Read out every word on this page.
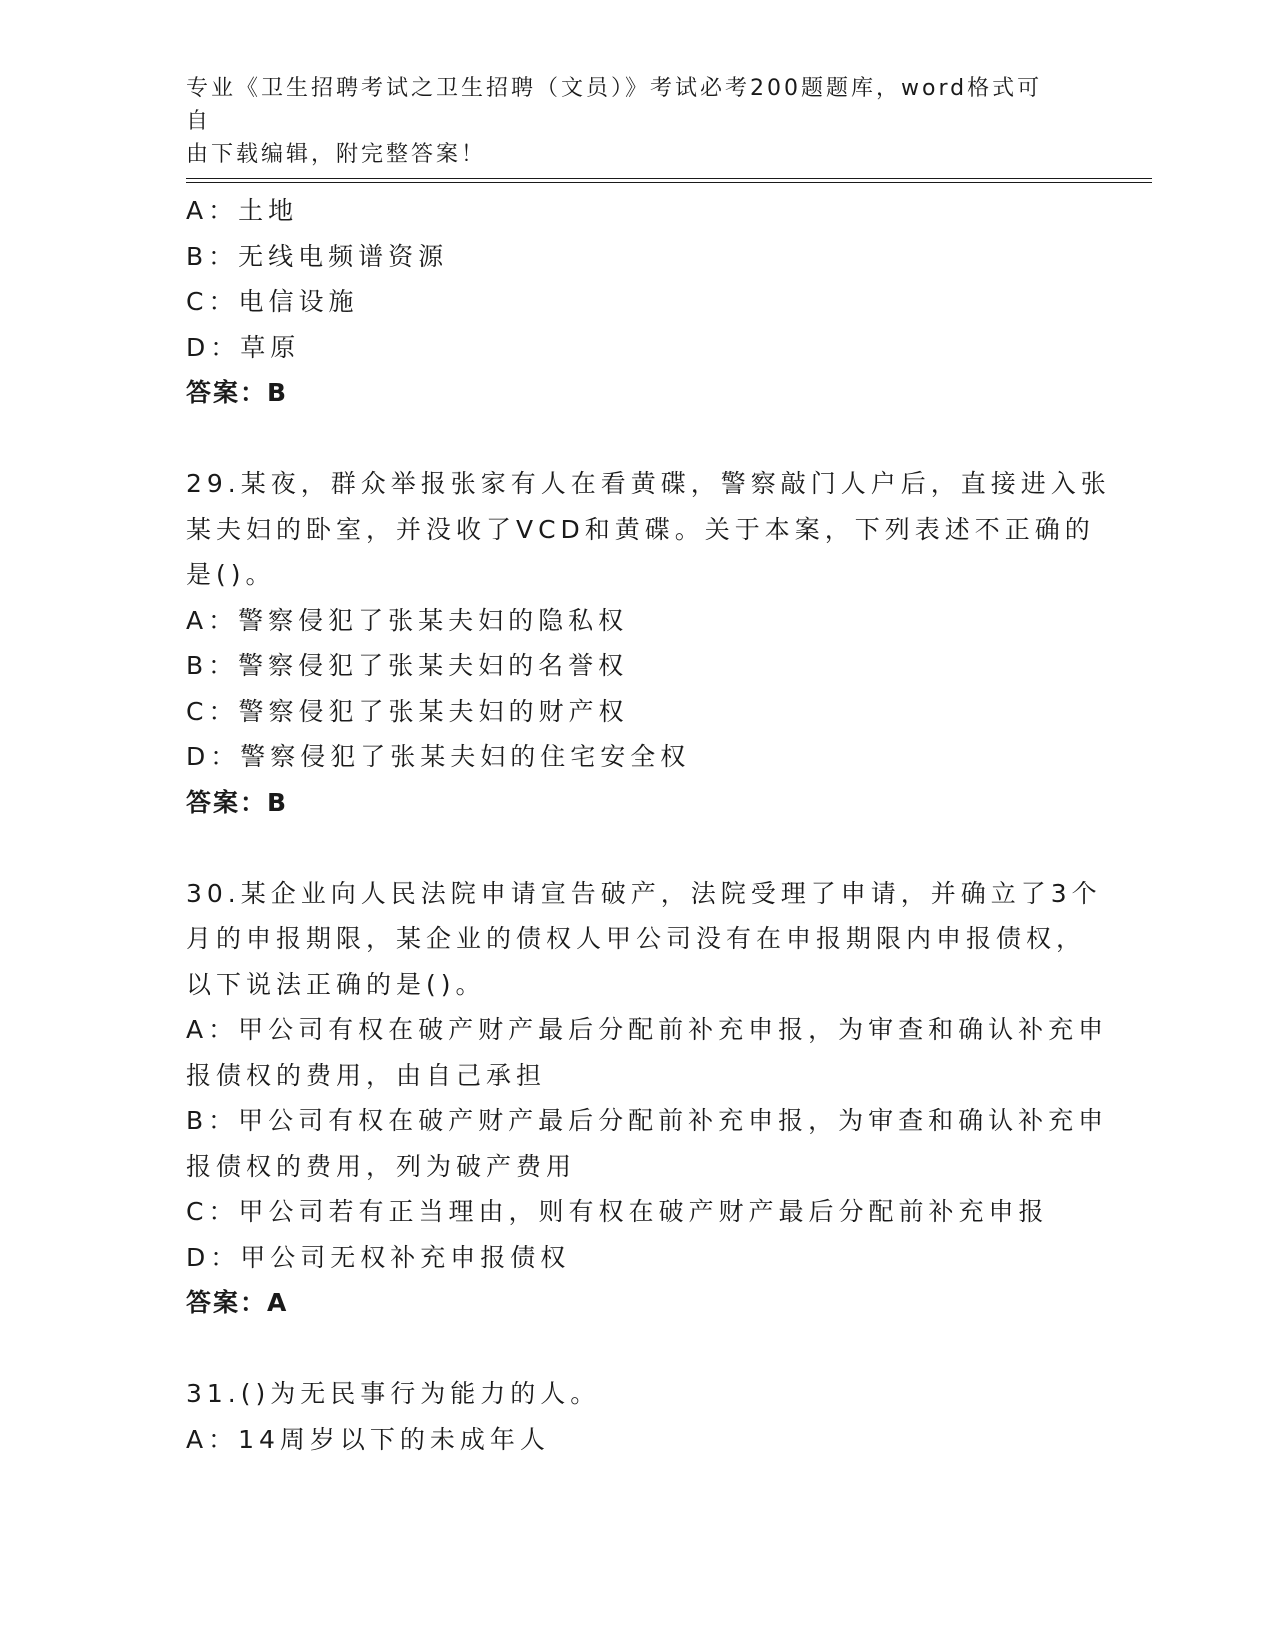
专业《卫生招聘考试之卫生招聘（文员）》考试必考200题题库，word格式可自
由下载编辑，附完整答案！

A：土地

B：无线电频谱资源

C：电信设施

D：草原

答案：B

29.某夜，群众举报张家有人在看黄碟，警察敲门人户后，直接进入张

某夫妇的卧室，并没收了VCD和黄碟。关于本案，下列表述不正确的

是()。

A：警察侵犯了张某夫妇的隐私权

B：警察侵犯了张某夫妇的名誉权

C：警察侵犯了张某夫妇的财产权

D：警察侵犯了张某夫妇的住宅安全权

答案：B

30.某企业向人民法院申请宣告破产，法院受理了申请，并确立了3个

月的申报期限，某企业的债权人甲公司没有在申报期限内申报债权，

以下说法正确的是()。

A：甲公司有权在破产财产最后分配前补充申报，为审查和确认补充申

报债权的费用，由自己承担

B：甲公司有权在破产财产最后分配前补充申报，为审查和确认补充申

报债权的费用，列为破产费用

C：甲公司若有正当理由，则有权在破产财产最后分配前补充申报

D：甲公司无权补充申报债权

答案：A

31.()为无民事行为能力的人。

A：14周岁以下的未成年人
